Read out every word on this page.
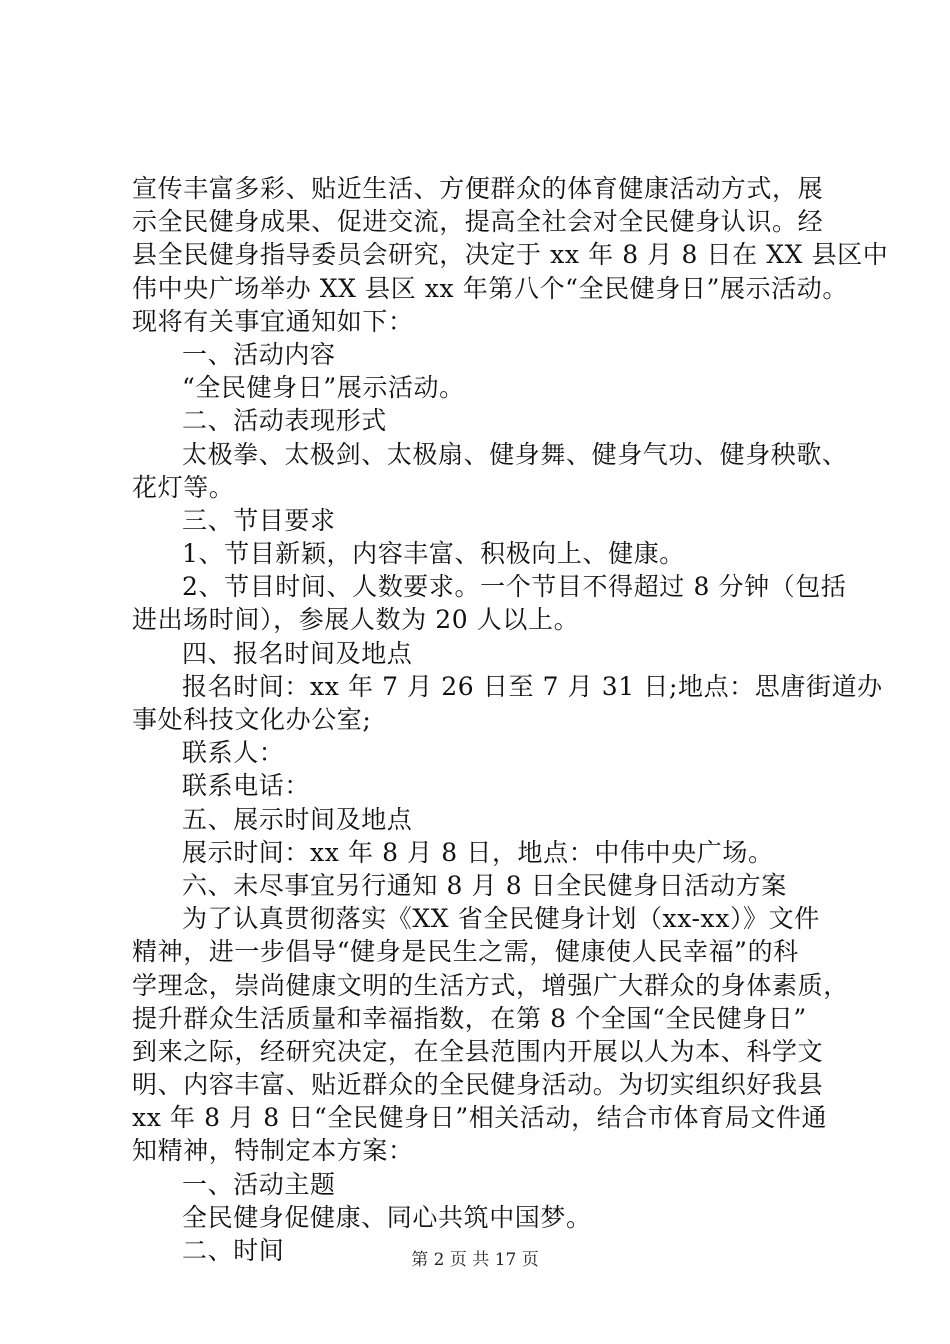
宣传丰富多彩、贴近生活、方便群众的体育健康活动方式，展
示全民健身成果、促进交流，提高全社会对全民健身认识。经
县全民健身指导委员会研究，决定于 xx 年 8 月 8 日在 XX 县区中
伟中央广场举办 XX 县区 xx 年第八个“全民健身日”展示活动。
现将有关事宜通知如下：
一、活动内容
“全民健身日”展示活动。
二、活动表现形式
太极拳、太极剑、太极扇、健身舞、健身气功、健身秧歌、
花灯等。
三、节目要求
1、节目新颖，内容丰富、积极向上、健康。
2、节目时间、人数要求。一个节目不得超过 8 分钟（包括
进出场时间），参展人数为 20 人以上。
四、报名时间及地点
报名时间：xx 年 7 月 26 日至 7 月 31 日;地点：思唐街道办
事处科技文化办公室;
联系人：
联系电话：
五、展示时间及地点
展示时间：xx 年 8 月 8 日，地点：中伟中央广场。
六、未尽事宜另行通知 8 月 8 日全民健身日活动方案
为了认真贯彻落实《XX 省全民健身计划（xx-xx）》文件
精神，进一步倡导“健身是民生之需，健康使人民幸福”的科
学理念，崇尚健康文明的生活方式，增强广大群众的身体素质，
提升群众生活质量和幸福指数，在第 8 个全国“全民健身日”
到来之际，经研究决定，在全县范围内开展以人为本、科学文
明、内容丰富、贴近群众的全民健身活动。为切实组织好我县
xx 年 8 月 8 日“全民健身日”相关活动，结合市体育局文件通
知精神，特制定本方案：
一、活动主题
全民健身促健康、同心共筑中国梦。
二、时间	第 2 页 共 17 页
